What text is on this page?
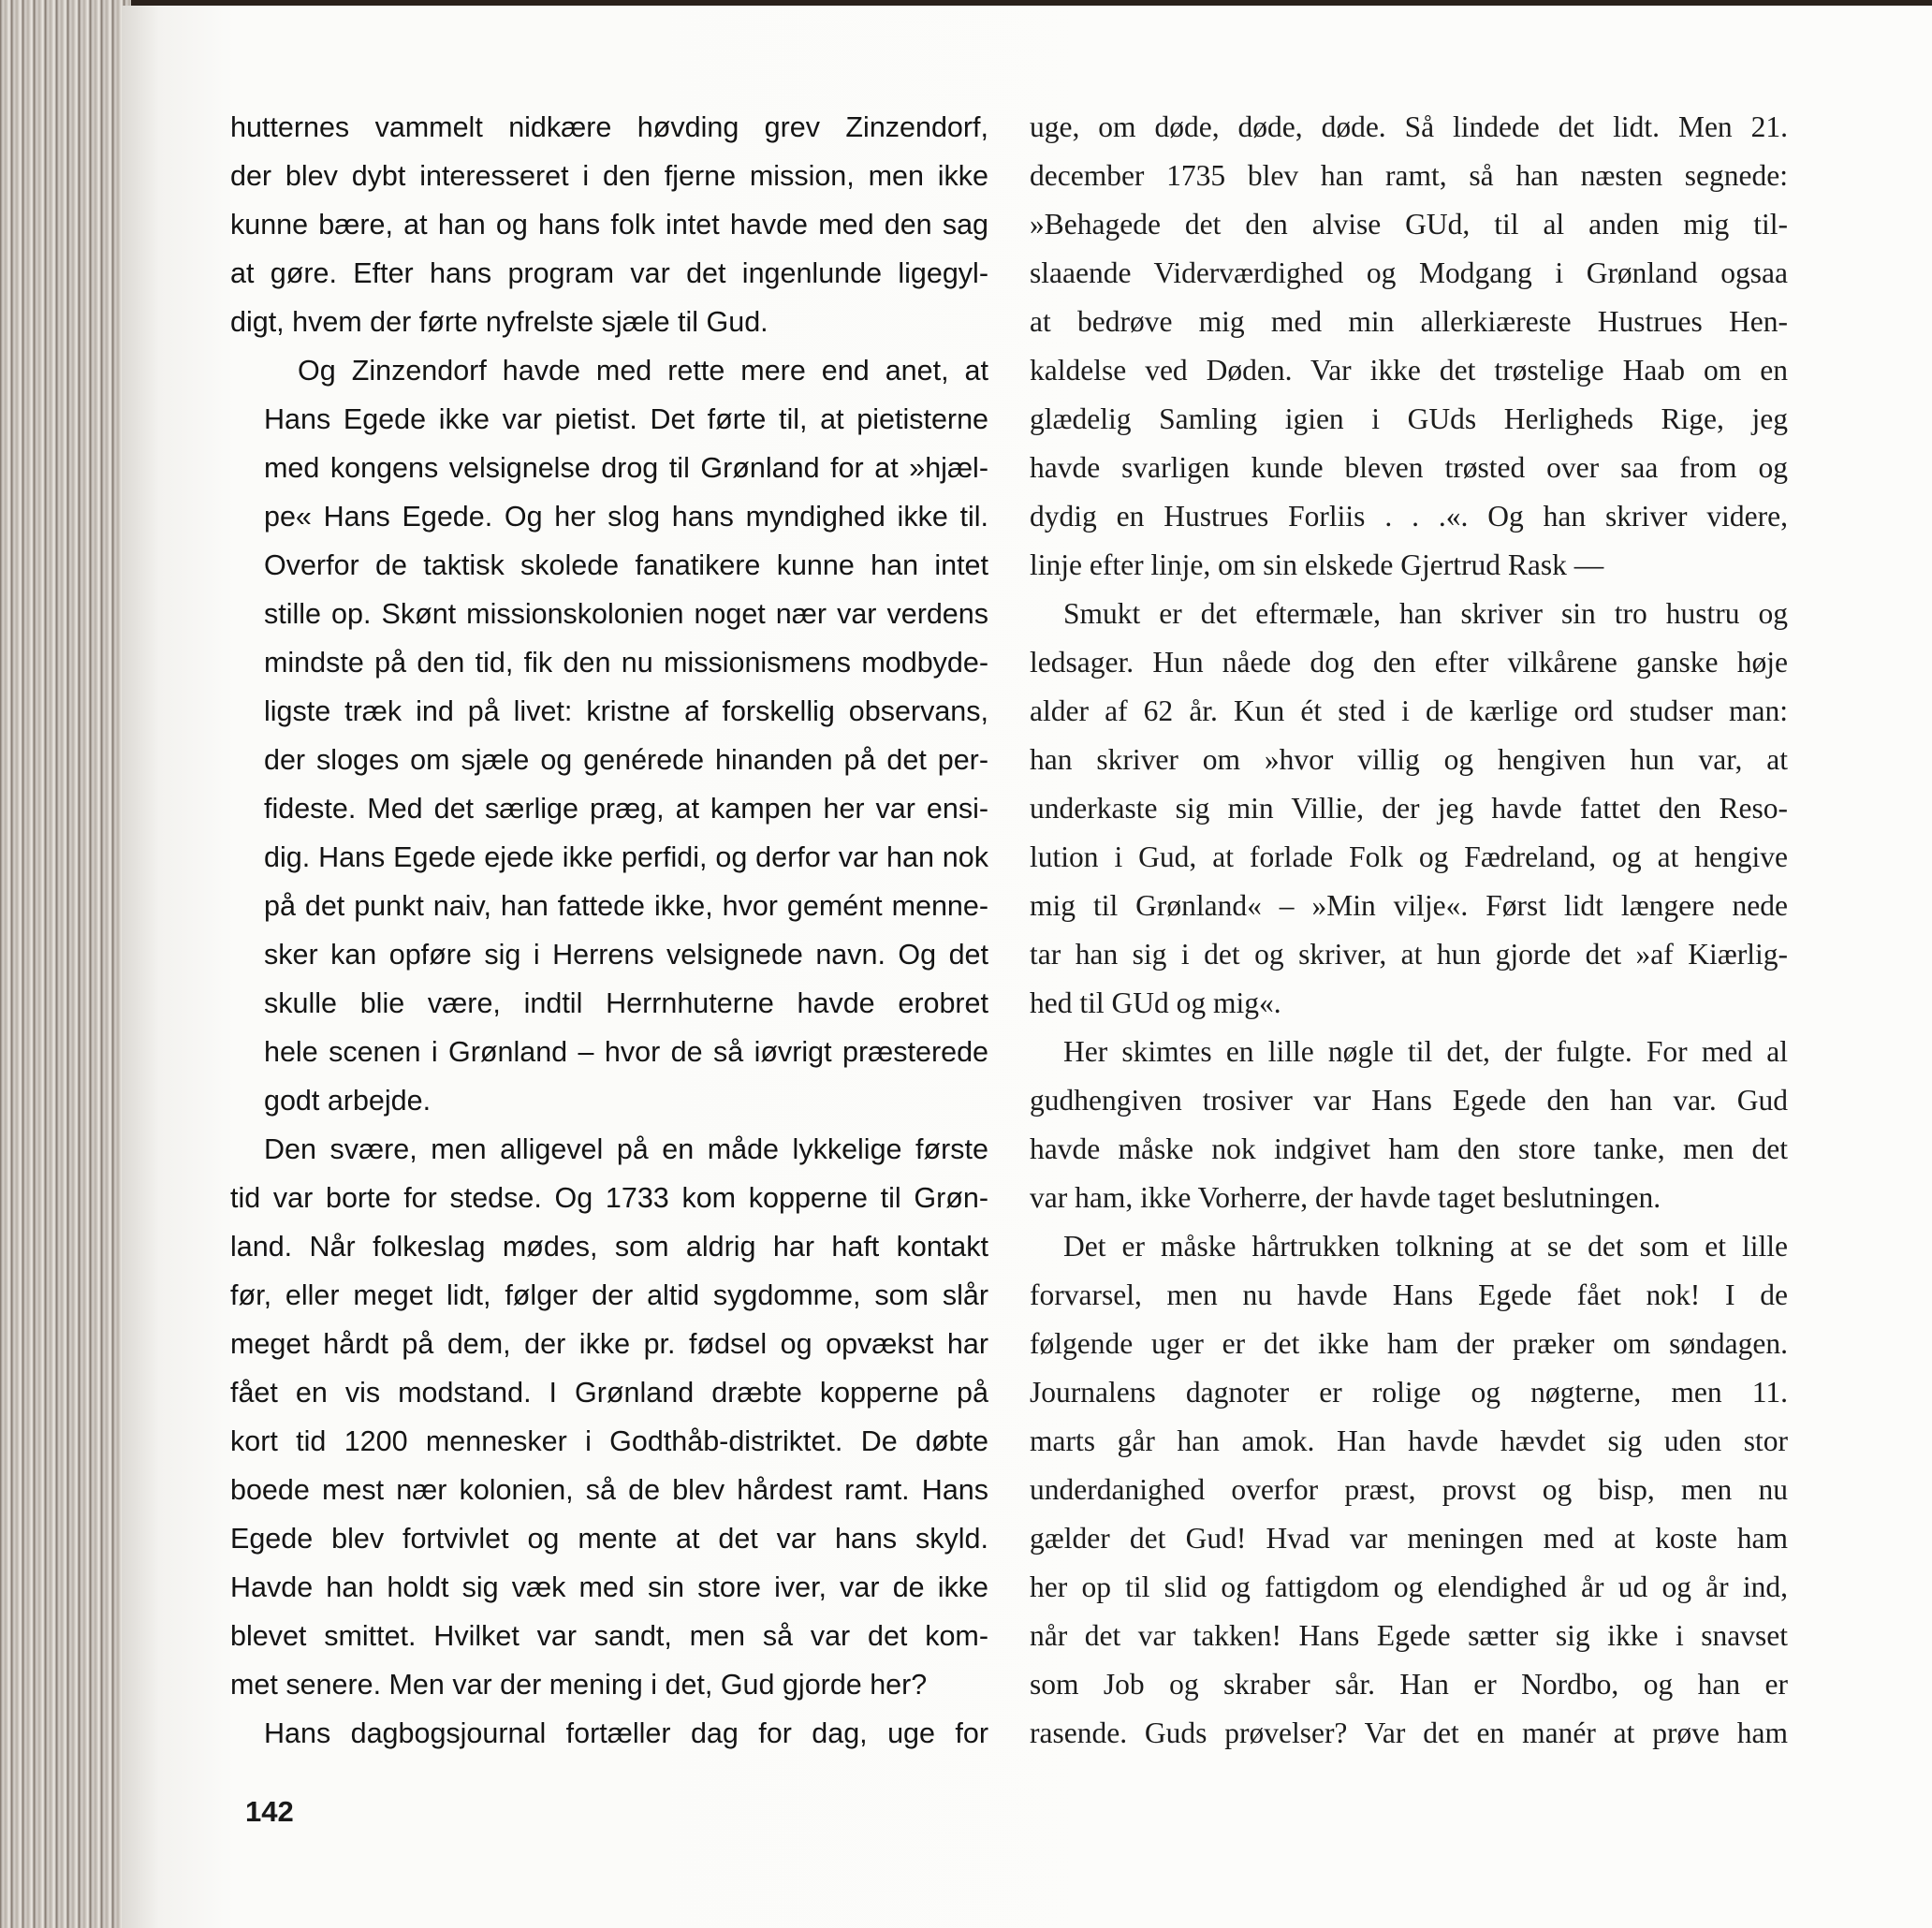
hutternes vammelt nidkære høvding grev Zinzendorf,
der blev dybt interesseret i den fjerne mission, men ikke
kunne bære, at han og hans folk intet havde med den sag
at gøre. Efter hans program var det ingenlunde ligegyl-
digt, hvem der førte nyfrelste sjæle til Gud.

Og Zinzendorf havde med rette mere end anet, at
Hans Egede ikke var pietist. Det førte til, at pietisterne
med kongens velsignelse drog til Grønland for at »hjæl-
pe« Hans Egede. Og her slog hans myndighed ikke til.
Overfor de taktisk skolede fanatikere kunne han intet
stille op. Skønt missionskolonien noget nær var verdens
mindste på den tid, fik den nu missionismens modbyde-
ligste træk ind på livet: kristne af forskellig observans,
der sloges om sjæle og genérede hinanden på det per-
fideste. Med det særlige præg, at kampen her var ensi-
dig. Hans Egede ejede ikke perfidi, og derfor var han nok
på det punkt naiv, han fattede ikke, hvor gemént menne-
sker kan opføre sig i Herrens velsignede navn. Og det
skulle blie være, indtil Herrnhuterne havde erobret
hele scenen i Grønland – hvor de så iøvrigt præsterede
godt arbejde.

Den svære, men alligevel på en måde lykkelige første
tid var borte for stedse. Og 1733 kom kopperne til Grøn-
land. Når folkeslag mødes, som aldrig har haft kontakt
før, eller meget lidt, følger der altid sygdomme, som slår
meget hårdt på dem, der ikke pr. fødsel og opvækst har
fået en vis modstand. I Grønland dræbte kopperne på
kort tid 1200 mennesker i Godthåb-distriktet. De døbte
boede mest nær kolonien, så de blev hårdest ramt. Hans
Egede blev fortvivlet og mente at det var hans skyld.
Havde han holdt sig væk med sin store iver, var de ikke
blevet smittet. Hvilket var sandt, men så var det kom-
met senere. Men var der mening i det, Gud gjorde her?

Hans dagbogsjournal fortæller dag for dag, uge for

uge, om døde, døde, døde. Så lindede det lidt. Men 21.
december 1735 blev han ramt, så han næsten segnede:
»Behagede det den alvise GUd, til al anden mig til-
slaaende Viderværdighed og Modgang i Grønland ogsaa
at bedrøve mig med min allerkiæreste Hustrues Hen-
kaldelse ved Døden. Var ikke det trøstelige Haab om en
glædelig Samling igien i GUds Herligheds Rige, jeg
havde svarligen kunde bleven trøsted over saa from og
dydig en Hustrues Forliis . . .«. Og han skriver videre,
linje efter linje, om sin elskede Gjertrud Rask —

Smukt er det eftermæle, han skriver sin tro hustru og
ledsager. Hun nåede dog den efter vilkårene ganske høje
alder af 62 år. Kun ét sted i de kærlige ord studser man:
han skriver om »hvor villig og hengiven hun var, at
underkaste sig min Villie, der jeg havde fattet den Reso-
lution i Gud, at forlade Folk og Fædreland, og at hengive
mig til Grønland« – »Min vilje«. Først lidt længere nede
tar han sig i det og skriver, at hun gjorde det »af Kiærlig-
hed til GUd og mig«.

Her skimtes en lille nøgle til det, der fulgte. For med al
gudhengiven trosiver var Hans Egede den han var. Gud
havde måske nok indgivet ham den store tanke, men det
var ham, ikke Vorherre, der havde taget beslutningen.

Det er måske hårtrukken tolkning at se det som et lille
forvarsel, men nu havde Hans Egede fået nok! I de
følgende uger er det ikke ham der præker om søndagen.
Journalens dagnoter er rolige og nøgterne, men 11.
marts går han amok. Han havde hævdet sig uden stor
underdanighed overfor præst, provst og bisp, men nu
gælder det Gud! Hvad var meningen med at koste ham
her op til slid og fattigdom og elendighed år ud og år ind,
når det var takken! Hans Egede sætter sig ikke i snavset
som Job og skraber sår. Han er Nordbo, og han er
rasende. Guds prøvelser? Var det en manér at prøve ham

142
